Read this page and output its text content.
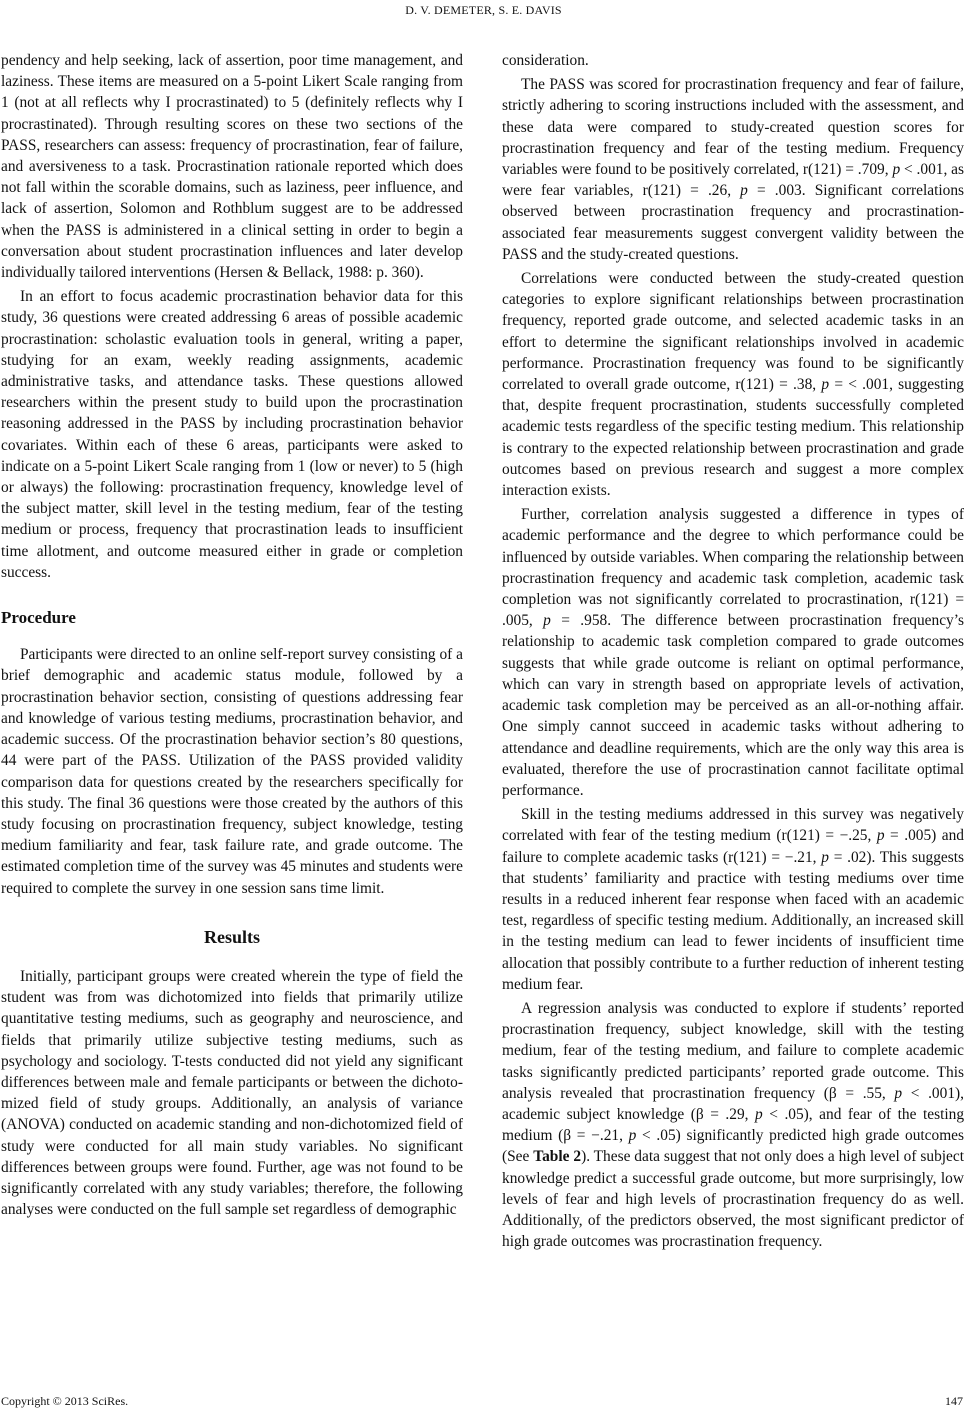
D. V. DEMETER, S. E. DAVIS

pendency and help seeking, lack of assertion, poor time management, and laziness. These items are measured on a 5-point Likert Scale ranging from 1 (not at all reflects why I procrastinated) to 5 (definitely reflects why I procrastinated). Through resulting scores on these two sections of the PASS, researchers can assess: frequency of procrastination, fear of failure, and aversiveness to a task. Procrastination rationale reported which does not fall within the scorable domains, such as laziness, peer influence, and lack of assertion, Solomon and Rothblum suggest are to be addressed when the PASS is administered in a clinical setting in order to begin a conversation about student procrastination influences and later develop individually tailored interventions (Hersen & Bellack, 1988: p. 360).

In an effort to focus academic procrastination behavior data for this study, 36 questions were created addressing 6 areas of possible academic procrastination: scholastic evaluation tools in general, writing a paper, studying for an exam, weekly reading assignments, academic administrative tasks, and attendance tasks. These questions allowed researchers within the present study to build upon the procrastination reasoning addressed in the PASS by including procrastination behavior covariates. Within each of these 6 areas, participants were asked to indicate on a 5-point Likert Scale ranging from 1 (low or never) to 5 (high or always) the following: procrastination frequency, knowledge level of the subject matter, skill level in the testing medium, fear of the testing medium or process, frequency that procrastination leads to insufficient time allotment, and outcome measured either in grade or completion success.

Procedure

Participants were directed to an online self-report survey consisting of a brief demographic and academic status module, followed by a procrastination behavior section, consisting of questions addressing fear and knowledge of various testing mediums, procrastination behavior, and academic success. Of the procrastination behavior section’s 80 questions, 44 were part of the PASS. Utilization of the PASS provided validity comparison data for questions created by the researchers specifically for this study. The final 36 questions were those created by the authors of this study focusing on procrastination frequency, subject knowledge, testing medium familiarity and fear, task failure rate, and grade outcome. The estimated completion time of the survey was 45 minutes and students were required to complete the survey in one session sans time limit.

Results

Initially, participant groups were created wherein the type of field the student was from was dichotomized into fields that primarily utilize quantitative testing mediums, such as geography and neuroscience, and fields that primarily utilize subjective testing mediums, such as psychology and sociology. T-tests conducted did not yield any significant differences between male and female participants or between the dichotomized field of study groups. Additionally, an analysis of variance (ANOVA) conducted on academic standing and non-dichotomized field of study were conducted for all main study variables. No significant differences between groups were found. Further, age was not found to be significantly correlated with any study variables; therefore, the following analyses were conducted on the full sample set regardless of demographic

consideration.

The PASS was scored for procrastination frequency and fear of failure, strictly adhering to scoring instructions included with the assessment, and these data were compared to study-created question scores for procrastination frequency and fear of the testing medium. Frequency variables were found to be positively correlated, r(121) = .709, p < .001, as were fear variables, r(121) = .26, p = .003. Significant correlations observed between procrastination frequency and procrastination-associated fear measurements suggest convergent validity between the PASS and the study-created questions.

Correlations were conducted between the study-created question categories to explore significant relationships between procrastination frequency, reported grade outcome, and selected academic tasks in an effort to determine the significant relationships involved in academic performance. Procrastination frequency was found to be significantly correlated to overall grade outcome, r(121) = .38, p = < .001, suggesting that, despite frequent procrastination, students successfully completed academic tests regardless of the specific testing medium. This relationship is contrary to the expected relationship between procrastination and grade outcomes based on previous research and suggest a more complex interaction exists.

Further, correlation analysis suggested a difference in types of academic performance and the degree to which performance could be influenced by outside variables. When comparing the relationship between procrastination frequency and academic task completion, academic task completion was not significantly correlated to procrastination, r(121) = .005, p = .958. The difference between procrastination frequency’s relationship to academic task completion compared to grade outcomes suggests that while grade outcome is reliant on optimal performance, which can vary in strength based on appropriate levels of activation, academic task completion may be perceived as an all-or-nothing affair. One simply cannot succeed in academic tasks without adhering to attendance and deadline requirements, which are the only way this area is evaluated, therefore the use of procrastination cannot facilitate optimal performance.

Skill in the testing mediums addressed in this survey was negatively correlated with fear of the testing medium (r(121) = −.25, p = .005) and failure to complete academic tasks (r(121) = −.21, p = .02). This suggests that students’ familiarity and practice with testing mediums over time results in a reduced inherent fear response when faced with an academic test, regardless of specific testing medium. Additionally, an increased skill in the testing medium can lead to fewer incidents of insufficient time allocation that possibly contribute to a further reduction of inherent testing medium fear.

A regression analysis was conducted to explore if students’ reported procrastination frequency, subject knowledge, skill with the testing medium, fear of the testing medium, and failure to complete academic tasks significantly predicted participants’ reported grade outcome. This analysis revealed that procrastination frequency (β = .55, p < .001), academic subject knowledge (β = .29, p < .05), and fear of the testing medium (β = −.21, p < .05) significantly predicted high grade outcomes (See Table 2). These data suggest that not only does a high level of subject knowledge predict a successful grade outcome, but more surprisingly, low levels of fear and high levels of procrastination frequency do as well. Additionally, of the predictors observed, the most significant predictor of high grade outcomes was procrastination frequency.

Copyright © 2013 SciRes.	147
